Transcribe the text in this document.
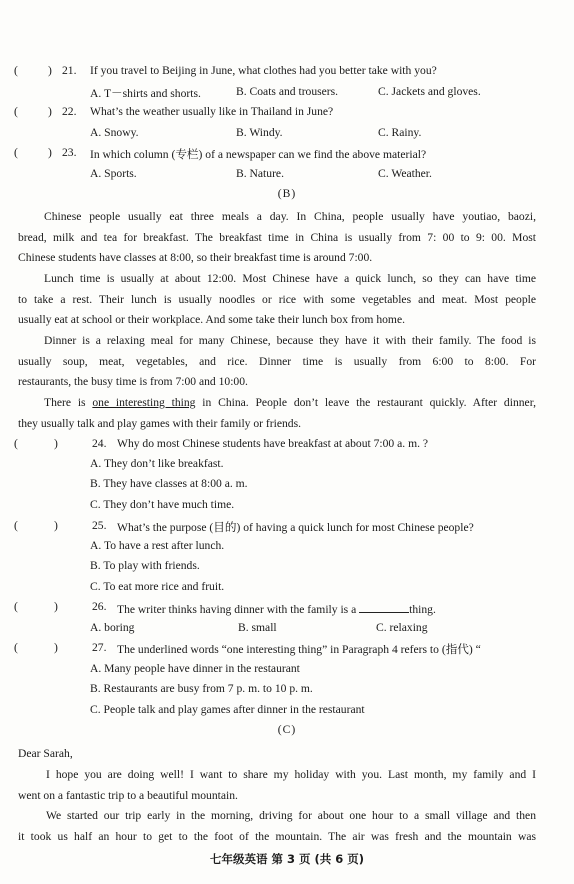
(	21. If you travel to Beijing in June, what clothes had you better take with you?
)
A. T－shirts and shorts.	B. Coats and trousers.	C. Jackets and gloves.
(	22. What’s the weather usually like in Thailand in June?
)
A. Snowy.	B. Windy.	C. Rainy.
(	23. In which column (专栏) of a newspaper can we find the above material?
)
A. Sports.	B. Nature.	C. Weather.
(B)
Chinese people usually eat three meals a day. In China, people usually have youtiao, baozi,
bread, milk and tea for breakfast. The breakfast time in China is usually from 7: 00 to 9: 00. Most
Chinese students have classes at 8:00, so their breakfast time is around 7:00.
Lunch time is usually at about 12:00. Most Chinese have a quick lunch, so they can have time
to take a rest. Their lunch is usually noodles or rice with some vegetables and meat. Most people
usually eat at school or their workplace. And some take their lunch box from home.
Dinner is a relaxing meal for many Chinese, because they have it with their family. The food is
usually soup, meat, vegetables, and rice. Dinner time is usually from 6:00 to 8:00. For
restaurants, the busy time is from 7:00 and 10:00.
There is one interesting thing in China. People don’t leave the restaurant quickly. After dinner,
they usually talk and play games with their family or friends.
(	)	24. Why do most Chinese students have breakfast at about 7:00 a. m. ?
A. They don’t like breakfast.
B. They have classes at 8:00 a. m.
C. They don’t have much time.
(	)	25. What’s the purpose (目的) of having a quick lunch for most Chinese people?
A. To have a rest after lunch.
B. To play with friends.
C. To eat more rice and fruit.
(	)	26. The writer thinks having dinner with the family is a	thing.
A. boring	B. small	C. relaxing
(	)	27. The underlined words “one interesting thing” in Paragraph 4 refers to (指代) “
A. Many people have dinner in the restaurant
B. Restaurants are busy from 7 p. m. to 10 p. m.
C. People talk and play games after dinner in the restaurant
(C)
Dear Sarah,
I hope you are doing well! I want to share my holiday with you. Last month, my family and I
went on a fantastic trip to a beautiful mountain.
We started our trip early in the morning, driving for about one hour to a small village and then
it took us half an hour to get to the foot of the mountain. The air was fresh and the mountain was
七年级英语 第 3 页 (共 6 页)
